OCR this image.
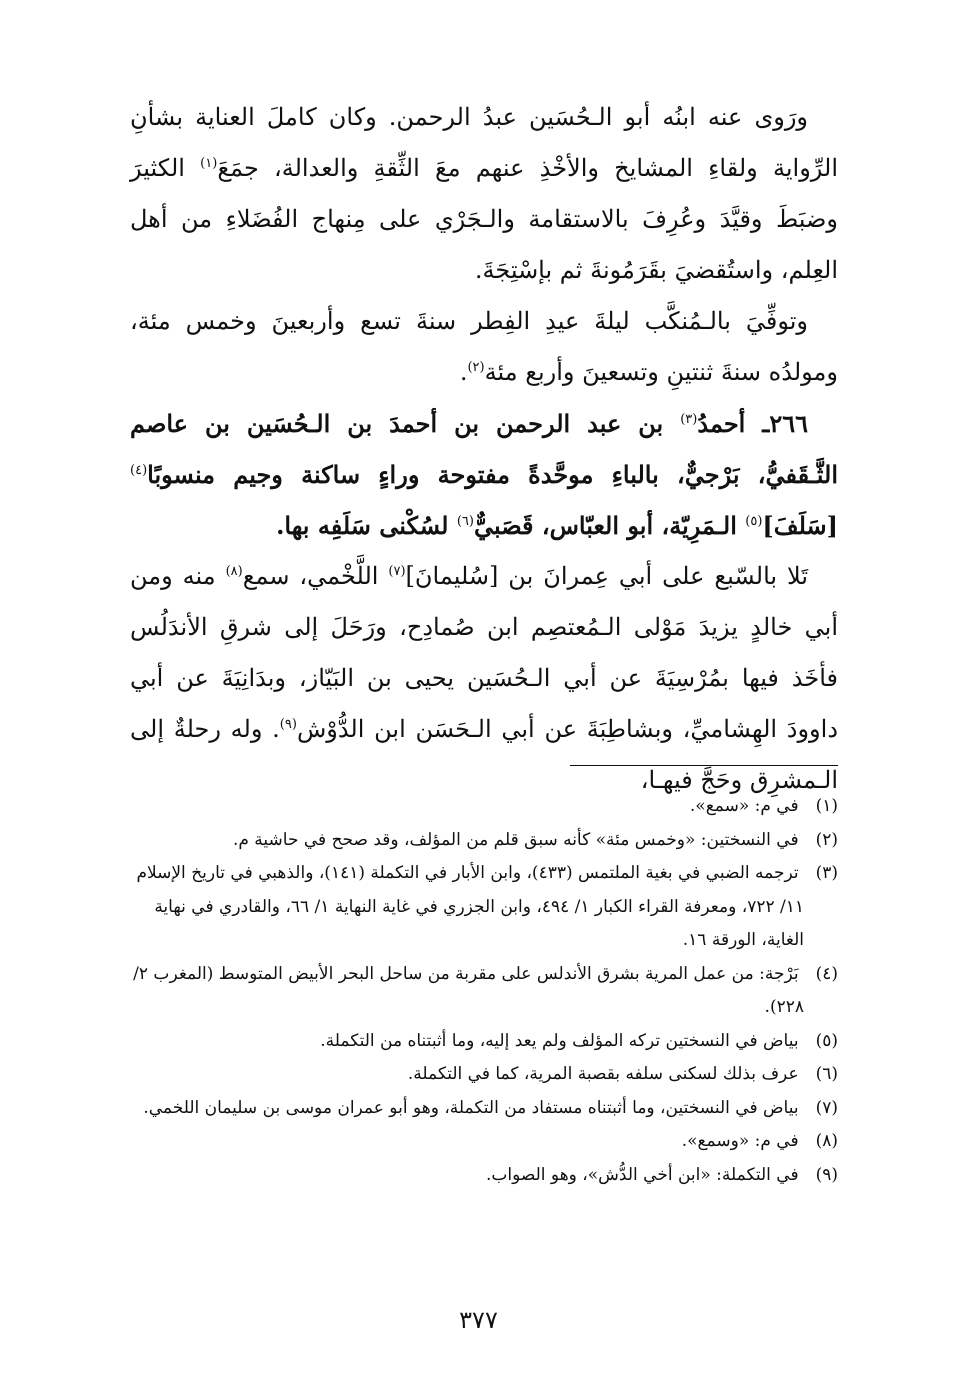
ورَوى عنه ابنُه أبو الـحُسَين عبدُ الرحمن. وكان كاملَ العناية بشأنِ الرِّواية ولقاءِ المشايخ والأخْذِ عنهم معَ الثِّقةِ والعدالة، جمَعَ$^{(١)}$ الكثيرَ وضبَطَ وقيَّدَ وعُرِفَ بالاستقامة والـجَرْي على مِنهاج الفُضَلاءِ من أهل العِلم، واستُقضيَ بقَرَمُونةَ ثم بإسْتِجَةَ.

وتوفِّيَ بالـمُنكَّب ليلةَ عيدِ الفِطر سنةَ تسع وأربعينَ وخمس مئة، ومولدُه سنةَ ثنتينِ وتسعينَ وأربع مئة$^{(٢)}$.

٢٦٦ـ أحمدُ$^{(٣)}$ بن عبد الرحمن بن أحمدَ بن الـحُسَين بن عاصم الثَّـقَفيُّ، بَرْجيٌّ، بالباءِ موحَّدةً مفتوحة وراءٍ ساكنة وجيم منسوبًا$^{(٤)}$ [سَلَفَ]$^{(٥)}$ الـمَرِيّة، أبو العبّاس، قَصَبيٌّ$^{(٦)}$ لسُكْنى سَلَفِه بها.

تَلا بالسّبع على أبي عِمرانَ بن [سُليمانَ]$^{(٧)}$ اللَّخْمي، سمع$^{(٨)}$ منه ومن أبي خالدٍ يزيدَ مَوْلى الـمُعتصِم ابن صُمادِح، ورَحَلَ إلى شرقِ الأندَلُس فأخَذ فيها بمُرْسِيَةَ عن أبي الـحُسَين يحيى بن البَيّاز، وبدَانِيَةَ عن أبي داوودَ الهِشاميِّ، وبشاطِبَةَ عن أبي الـحَسَن ابن الدُّوْش$^{(٩)}$. وله رحلةٌ إلى الـمشرِق وحَجَّ فيهـا،

(١) في م: «سمع».
(٢) في النسختين: «وخمس مئة» كأنه سبق قلم من المؤلف، وقد صحح في حاشية م.
(٣) ترجمه الضبي في بغية الملتمس (٤٣٣)، وابن الأبار في التكملة (١٤١)، والذهبي في تاريخ الإسلام ١١/ ٧٢٢، ومعرفة القراء الكبار ١/ ٤٩٤، وابن الجزري في غاية النهاية ١/ ٦٦، والقادري في نهاية الغاية، الورقة ١٦.
(٤) بَرْجة: من عمل المرية بشرق الأندلس على مقربة من ساحل البحر الأبيض المتوسط (المغرب ٢/ ٢٢٨).
(٥) بياض في النسختين تركه المؤلف ولم يعد إليه، وما أثبتناه من التكملة.
(٦) عرف بذلك لسكنى سلفه بقصبة المرية، كما في التكملة.
(٧) بياض في النسختين، وما أثبتناه مستفاد من التكملة، وهو أبو عمران موسى بن سليمان اللخمي.
(٨) في م: «وسمع».
(٩) في التكملة: «ابن أخي الدُّش»، وهو الصواب.
٣٧٧
